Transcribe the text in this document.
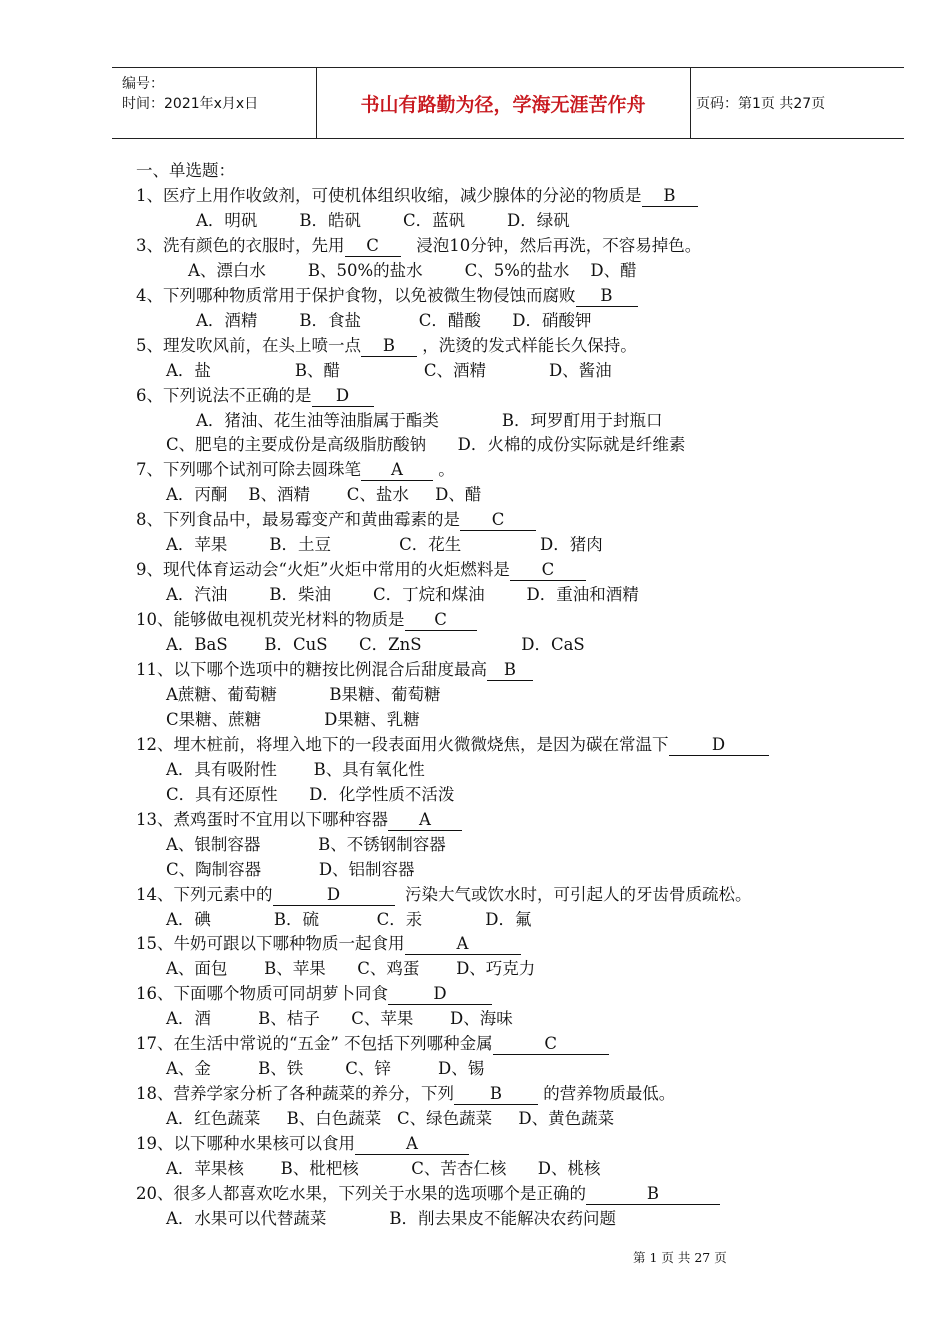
编号：
时间：2021年x月x日	书山有路勤为径，学海无涯苦作舟	页码：第1页 共27页
一、单选题：
1、医疗上用作收敛剂，可使机体组织收缩，减少腺体的分泌的物质是 B
A．明矾        B．皓矾        C．蓝矾        D．绿矾
3、洗有颜色的衣服时，先用 C   浸泡10分钟，然后再洗，不容易掉色。
A、漂白水        B、50%的盐水        C、5%的盐水    D、醋
4、下列哪种物质常用于保护食物，以免被微生物侵蚀而腐败 B
A．酒精        B．食盐           C．醋酸      D．硝酸钾
5、理发吹风前，在头上喷一点 B ，洗烫的发式样能长久保持。
A．盐                B、醋                C、酒精            D、酱油
6、下列说法不正确的是 D
A．猪油、花生油等油脂属于酯类            B．珂罗酊用于封瓶口
C、肥皂的主要成份是高级脂肪酸钠      D．火棉的成份实际就是纤维素
7、下列哪个试剂可除去圆珠笔 A 。
A．丙酮    B、酒精       C、盐水     D、醋
8、下列食品中，最易霉变产和黄曲霉素的是 C
A．苹果        B．土豆             C．花生               D．猪肉
9、现代体育运动会“火炬”火炬中常用的火炬燃料是 C
A．汽油        B．柴油        C．丁烷和煤油        D．重油和酒精
10、能够做电视机荧光材料的物质是 C
A．BaS       B．CuS      C．ZnS                   D．CaS
11、以下哪个选项中的糖按比例混合后甜度最高 B
A蔗糖、葡萄糖          B果糖、葡萄糖
C果糖、蔗糖            D果糖、乳糖
12、埋木桩前，将埋入地下的一段表面用火微微烧焦，是因为碳在常温下	D
A．具有吸附性       B、具有氧化性
C．具有还原性      D．化学性质不活泼
13、煮鸡蛋时不宜用以下哪种容器 A
A、银制容器           B、不锈钢制容器
C、陶制容器           D、铝制容器
14、下列元素中的	D	污染大气或饮水时，可引起人的牙齿骨质疏松。
A．碘            B．硫           C．汞            D．氟
15、牛奶可跟以下哪种物质一起食用	A
A、面包       B、苹果      C、鸡蛋       D、巧克力
16、下面哪个物质可同胡萝卜同食	D
A．酒         B、桔子      C、苹果       D、海味
17、在生活中常说的“五金” 不包括下列哪种金属	C
A、金         B、铁        C、锌         D、锡
18、营养学家分析了各种蔬菜的养分，下列 B 的营养物质最低。
A．红色蔬菜     B、白色蔬菜   C、绿色蔬菜     D、黄色蔬菜
19、以下哪种水果核可以食用	A
A．苹果核       B、枇杷核          C、苦杏仁核      D、桃核
20、很多人都喜欢吃水果，下列关于水果的选项哪个是正确的	B
A．水果可以代替蔬菜            B．削去果皮不能解决农药问题
第 1 页 共 27 页
